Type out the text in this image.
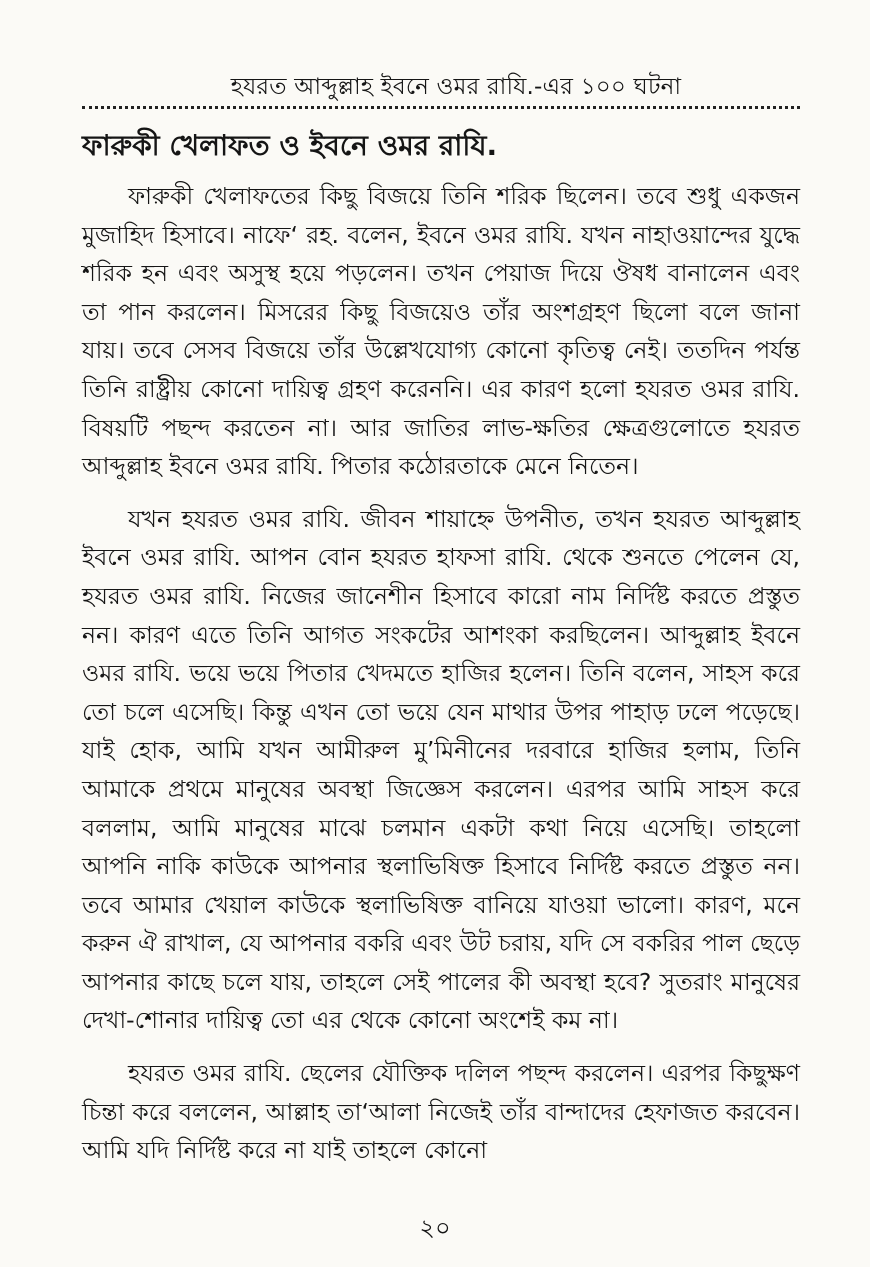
হযরত আব্দুল্লাহ ইবনে ওমর রাযি.-এর ১০০ ঘটনা
ফারুকী খেলাফত ও ইবনে ওমর রাযি.

ফারুকী খেলাফতের কিছু বিজয়ে তিনি শরিক ছিলেন। তবে শুধু একজন মুজাহিদ হিসাবে। নাফে‘ রহ. বলেন, ইবনে ওমর রাযি. যখন নাহাওয়ান্দের যুদ্ধে শরিক হন এবং অসুস্থ হয়ে পড়লেন। তখন পেয়াজ দিয়ে ঔষধ বানালেন এবং তা পান করলেন। মিসরের কিছু বিজয়েও তাঁর অংশগ্রহণ ছিলো বলে জানা যায়। তবে সেসব বিজয়ে তাঁর উল্লেখযোগ্য কোনো কৃতিত্ব নেই। ততদিন পর্যন্ত তিনি রাষ্ট্রীয় কোনো দায়িত্ব গ্রহণ করেননি। এর কারণ হলো হযরত ওমর রাযি. বিষয়টি পছন্দ করতেন না। আর জাতির লাভ-ক্ষতির ক্ষেত্রগুলোতে হযরত আব্দুল্লাহ ইবনে ওমর রাযি. পিতার কঠোরতাকে মেনে নিতেন।

যখন হযরত ওমর রাযি. জীবন শায়াহ্নে উপনীত, তখন হযরত আব্দুল্লাহ ইবনে ওমর রাযি. আপন বোন হযরত হাফসা রাযি. থেকে শুনতে পেলেন যে, হযরত ওমর রাযি. নিজের জানেশীন হিসাবে কারো নাম নির্দিষ্ট করতে প্রস্তুত নন। কারণ এতে তিনি আগত সংকটের আশংকা করছিলেন। আব্দুল্লাহ ইবনে ওমর রাযি. ভয়ে ভয়ে পিতার খেদমতে হাজির হলেন। তিনি বলেন, সাহস করে তো চলে এসেছি। কিন্তু এখন তো ভয়ে যেন মাথার উপর পাহাড় ঢলে পড়েছে। যাই হোক, আমি যখন আমীরুল মু’মিনীনের দরবারে হাজির হলাম, তিনি আমাকে প্রথমে মানুষের অবস্থা জিজ্ঞেস করলেন। এরপর আমি সাহস করে বললাম, আমি মানুষের মাঝে চলমান একটা কথা নিয়ে এসেছি। তাহলো আপনি নাকি কাউকে আপনার স্থলাভিষিক্ত হিসাবে নির্দিষ্ট করতে প্রস্তুত নন। তবে আমার খেয়াল কাউকে স্থলাভিষিক্ত বানিয়ে যাওয়া ভালো। কারণ, মনে করুন ঐ রাখাল, যে আপনার বকরি এবং উট চরায়, যদি সে বকরির পাল ছেড়ে আপনার কাছে চলে যায়, তাহলে সেই পালের কী অবস্থা হবে? সুতরাং মানুষের দেখা-শোনার দায়িত্ব তো এর থেকে কোনো অংশেই কম না।

হযরত ওমর রাযি. ছেলের যৌক্তিক দলিল পছন্দ করলেন। এরপর কিছুক্ষণ চিন্তা করে বললেন, আল্লাহ তা‘আলা নিজেই তাঁর বান্দাদের হেফাজত করবেন। আমি যদি নির্দিষ্ট করে না যাই তাহলে কোনো

২০
